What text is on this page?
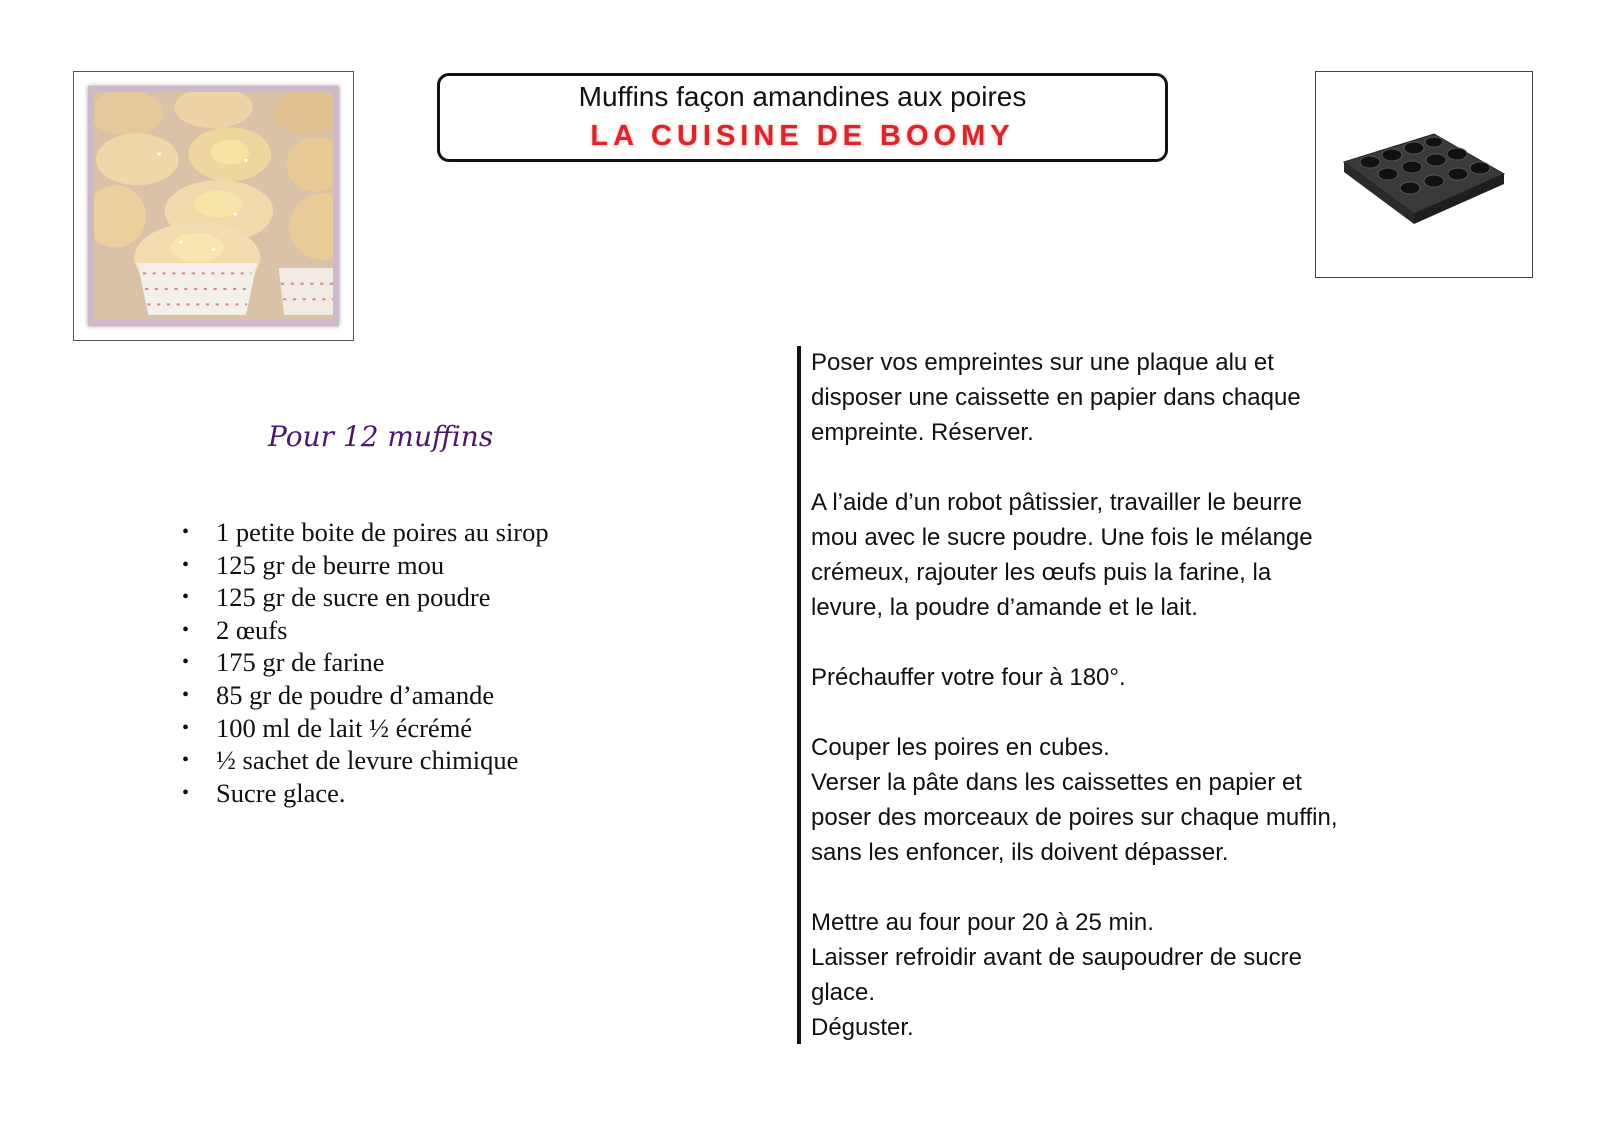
Muffins façon amandines aux poires
LA CUISINE DE BOOMY
Pour 12 muffins
• 1 petite boite de poires au sirop
• 125 gr de beurre mou
• 125 gr de sucre en poudre
• 2 œufs
• 175 gr de farine
• 85 gr de poudre d’amande
• 100 ml de lait ½ écrémé
• ½ sachet de levure chimique
• Sucre glace.

Poser vos empreintes sur une plaque alu et
disposer une caissette en papier dans chaque
empreinte. Réserver.

A l’aide d’un robot pâtissier, travailler le beurre
mou avec le sucre poudre. Une fois le mélange
crémeux, rajouter les œufs puis la farine, la
levure, la poudre d’amande et le lait.

Préchauffer votre four à 180°.

Couper les poires en cubes.
Verser la pâte dans les caissettes en papier et
poser des morceaux de poires sur chaque muffin,
sans les enfoncer, ils doivent dépasser.

Mettre au four pour 20 à 25 min.
Laisser refroidir avant de saupoudrer de sucre
glace.
Déguster.
